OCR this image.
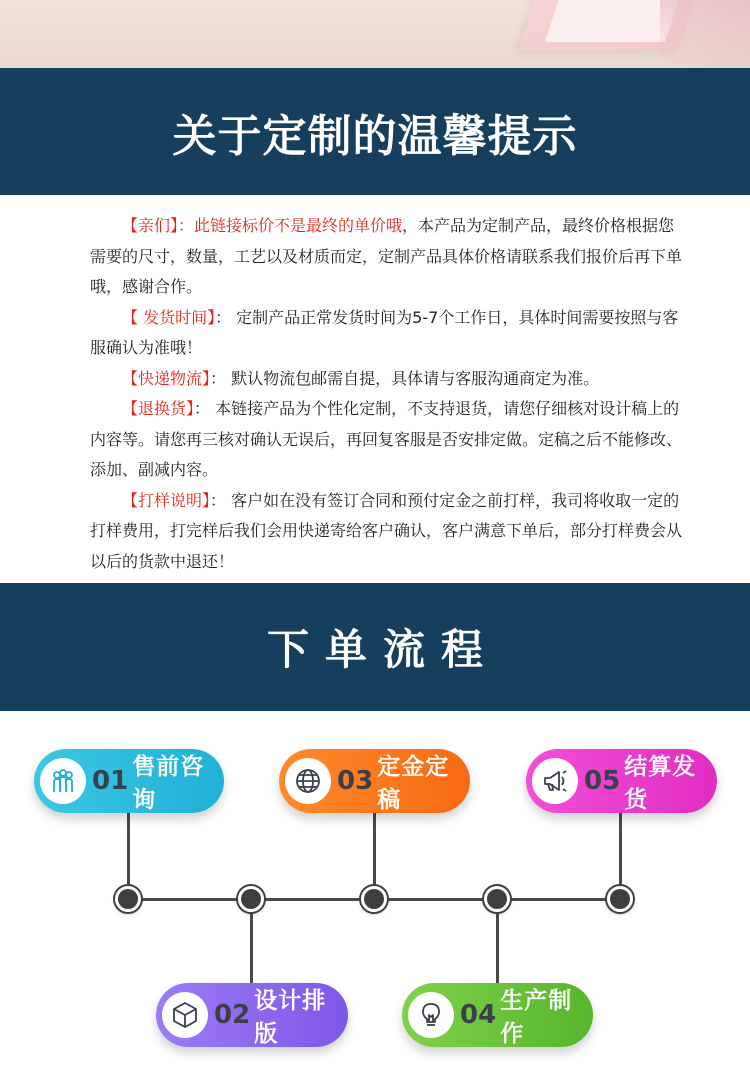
关于定制的温馨提示

【亲们】：此链接标价不是最终的单价哦，本产品为定制产品，最终价格根据您需要的尺寸，数量，工艺以及材质而定，定制产品具体价格请联系我们报价后再下单哦，感谢合作。

【 发货时间】： 定制产品正常发货时间为5-7个工作日，具体时间需要按照与客服确认为准哦！

【快递物流】： 默认物流包邮需自提，具体请与客服沟通商定为准。

【退换货】： 本链接产品为个性化定制，不支持退货，请您仔细核对设计稿上的内容等。请您再三核对确认无误后，再回复客服是否安排定做。定稿之后不能修改、添加、副减内容。

【打样说明】： 客户如在没有签订合同和预付定金之前打样，我司将收取一定的打样费用，打完样后我们会用快递寄给客户确认，客户满意下单后，部分打样费会从以后的货款中退还！

下单流程
01 售前咨询
03 定金定稿
05 结算发货
02 设计排版
04 生产制作
